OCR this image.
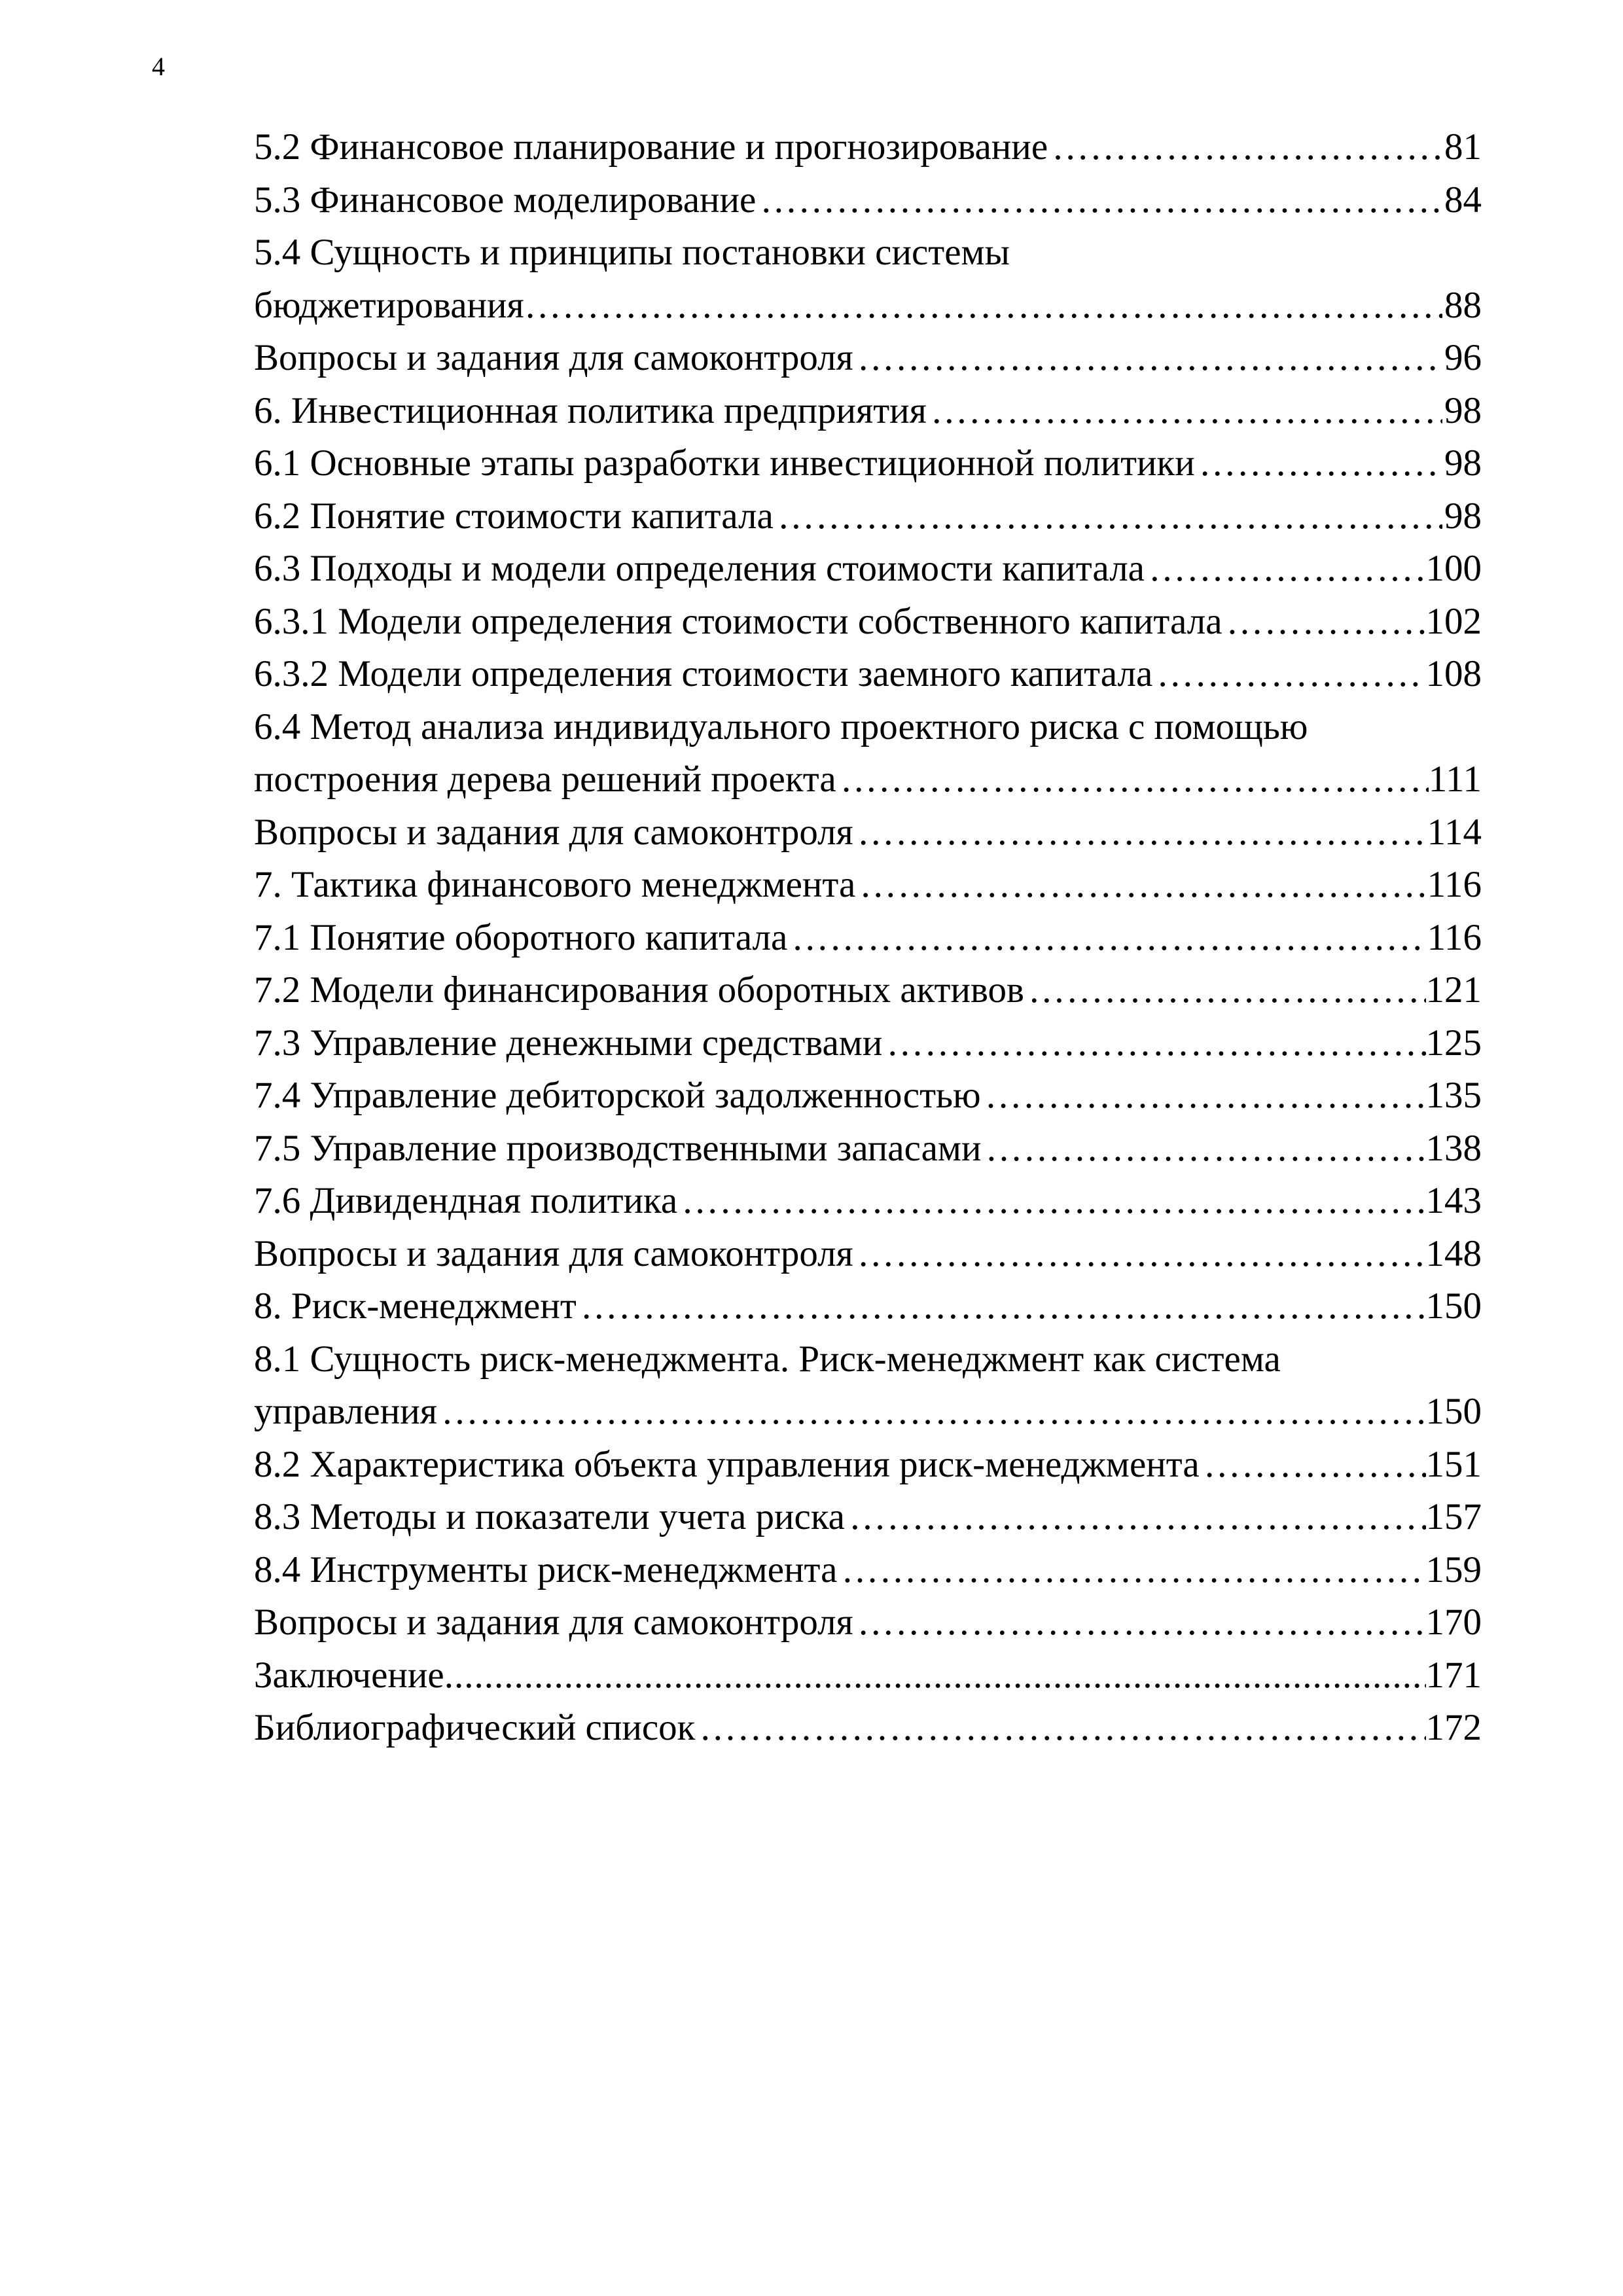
4
5.2 Финансовое планирование и прогнозирование ……………………………………………………………………………………………………………………………………………………………………	81
5.3 Финансовое моделирование ……………………………………………………………………………………………………………………………………………………………………	84
5.4 Сущность и принципы постановки системы
бюджетирования ……………………………………………………………………………………………………………………………………………………………………	88
Вопросы и задания для самоконтроля ……………………………………………………………………………………………………………………………………………………………………	96
6. Инвестиционная политика предприятия ……………………………………………………………………………………………………………………………………………………………………	98
6.1 Основные этапы разработки инвестиционной политики ……………………………………………………………………………………………………………………………………………………………………	98
6.2 Понятие стоимости капитала ……………………………………………………………………………………………………………………………………………………………………	98
6.3 Подходы и модели определения стоимости капитала ……………………………………………………………………………………………………………………………………………………………………	100
6.3.1 Модели определения стоимости собственного капитала ……………………………………………………………………………………………………………………………………………………………………	102
6.3.2 Модели определения стоимости заемного капитала ……………………………………………………………………………………………………………………………………………………………………	108
6.4 Метод анализа индивидуального проектного риска с помощью
построения дерева решений проекта ……………………………………………………………………………………………………………………………………………………………………	111
Вопросы и задания для самоконтроля ……………………………………………………………………………………………………………………………………………………………………	114
7. Тактика финансового менеджмента ……………………………………………………………………………………………………………………………………………………………………	116
7.1 Понятие оборотного капитала ……………………………………………………………………………………………………………………………………………………………………	116
7.2 Модели финансирования оборотных активов ……………………………………………………………………………………………………………………………………………………………………	121
7.3 Управление денежными средствами ……………………………………………………………………………………………………………………………………………………………………	125
7.4 Управление дебиторской задолженностью ……………………………………………………………………………………………………………………………………………………………………	135
7.5 Управление производственными запасами ……………………………………………………………………………………………………………………………………………………………………	138
7.6 Дивидендная политика ……………………………………………………………………………………………………………………………………………………………………	143
Вопросы и задания для самоконтроля ……………………………………………………………………………………………………………………………………………………………………	148
8. Риск-менеджмент ……………………………………………………………………………………………………………………………………………………………………	150
8.1 Сущность риск-менеджмента. Риск-менеджмент как система
управления ……………………………………………………………………………………………………………………………………………………………………	150
8.2 Характеристика объекта управления риск-менеджмента ……………………………………………………………………………………………………………………………………………………………………	151
8.3 Методы и показатели учета риска ……………………………………………………………………………………………………………………………………………………………………	157
8.4 Инструменты риск-менеджмента ……………………………………………………………………………………………………………………………………………………………………	159
Вопросы и задания для самоконтроля ……………………………………………………………………………………………………………………………………………………………………	170
Заключение .....	171
Библиографический список ……………………………………………………………………………………………………………………………………………………………………	172
